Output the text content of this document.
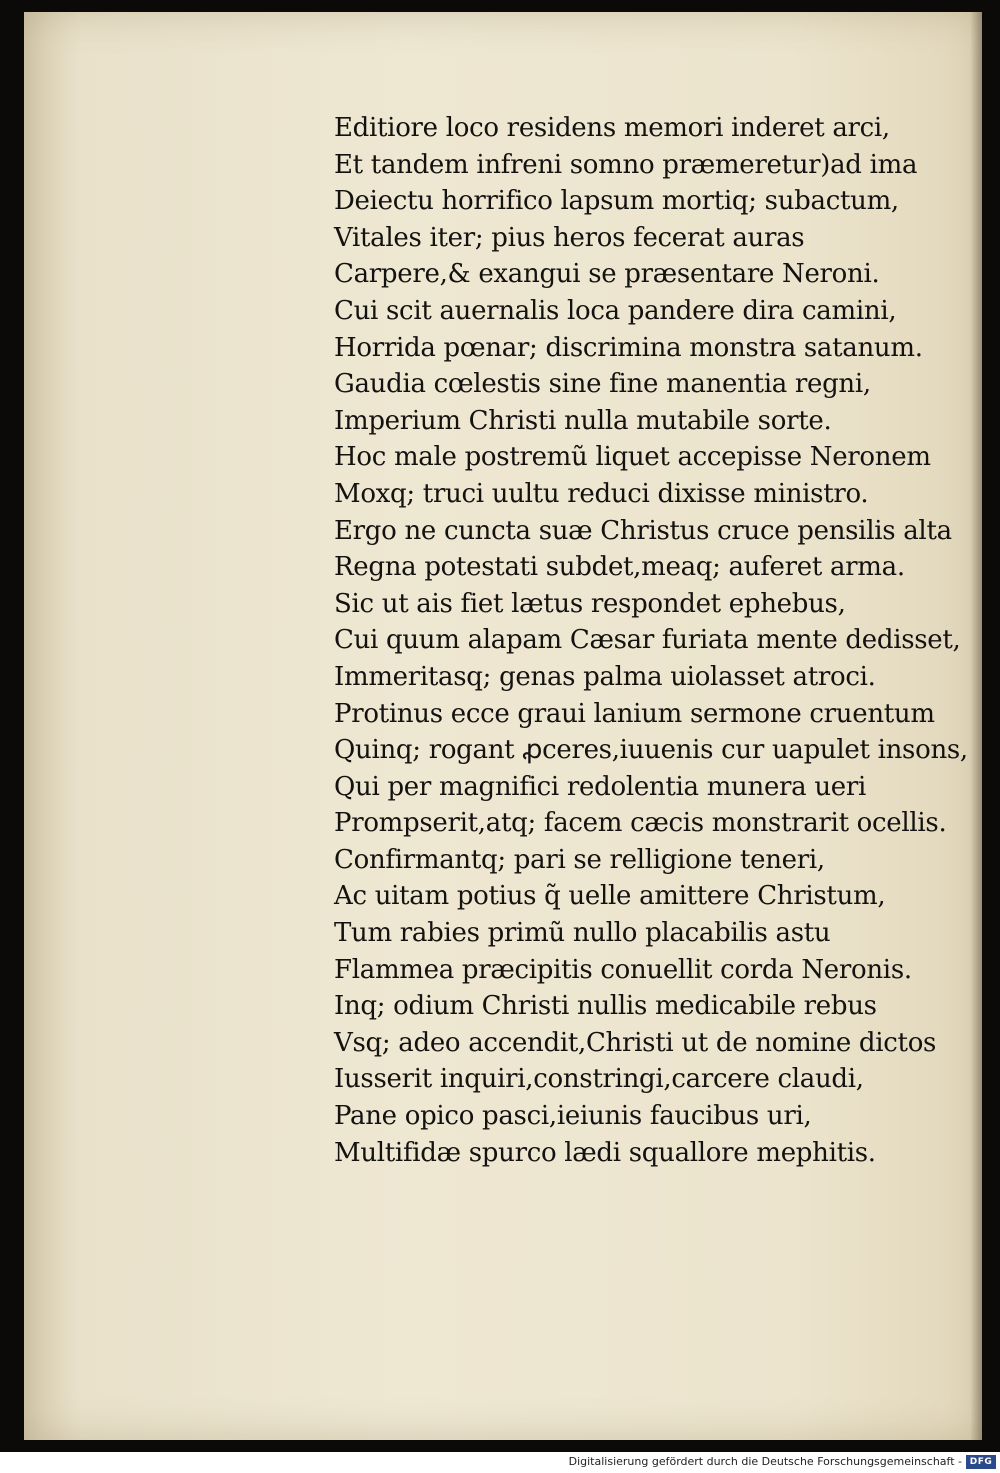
Editiore loco residens memori inderet arci,
Et tandem infreni somno præmeretur)ad ima
Deiectu horrifico lapsum mortiq; subactum,
Vitales iter; pius heros fecerat auras
Carpere,& exangui se præsentare Neroni.
Cui scit auernalis loca pandere dira camini,
Horrida pœnar; discrimina monstra satanum.
Gaudia cœlestis sine fine manentia regni,
Imperium Christi nulla mutabile sorte.
Hoc male postremũ liquet accepisse Neronem
Moxq; truci uultu reduci dixisse ministro.
Ergo ne cuncta suæ Christus cruce pensilis alta
Regna potestati subdet,meaq; auferet arma.
Sic ut ais fiet lætus respondet ephebus,
Cui quum alapam Cæsar furiata mente dedisset,
Immeritasq; genas palma uiolasset atroci.
Protinus ecce graui lanium sermone cruentum
Quinq; rogant ꝓceres,iuuenis cur uapulet insons,
Qui per magnifici redolentia munera ueri
Prompserit,atq; facem cæcis monstrarit ocellis.
Confirmantq; pari se relligione teneri,
Ac uitam potius q̃ uelle amittere Christum,
Tum rabies primũ nullo placabilis astu
Flammea præcipitis conuellit corda Neronis.
Inq; odium Christi nullis medicabile rebus
Vsq; adeo accendit,Christi ut de nomine dictos
Iusserit inquiri,constringi,carcere claudi,
Pane opico pasci,ieiunis faucibus uri,
Multifidæ spurco lædi squallore mephitis.
Digitalisierung gefördert durch die Deutsche Forschungsgemeinschaft - DFG
